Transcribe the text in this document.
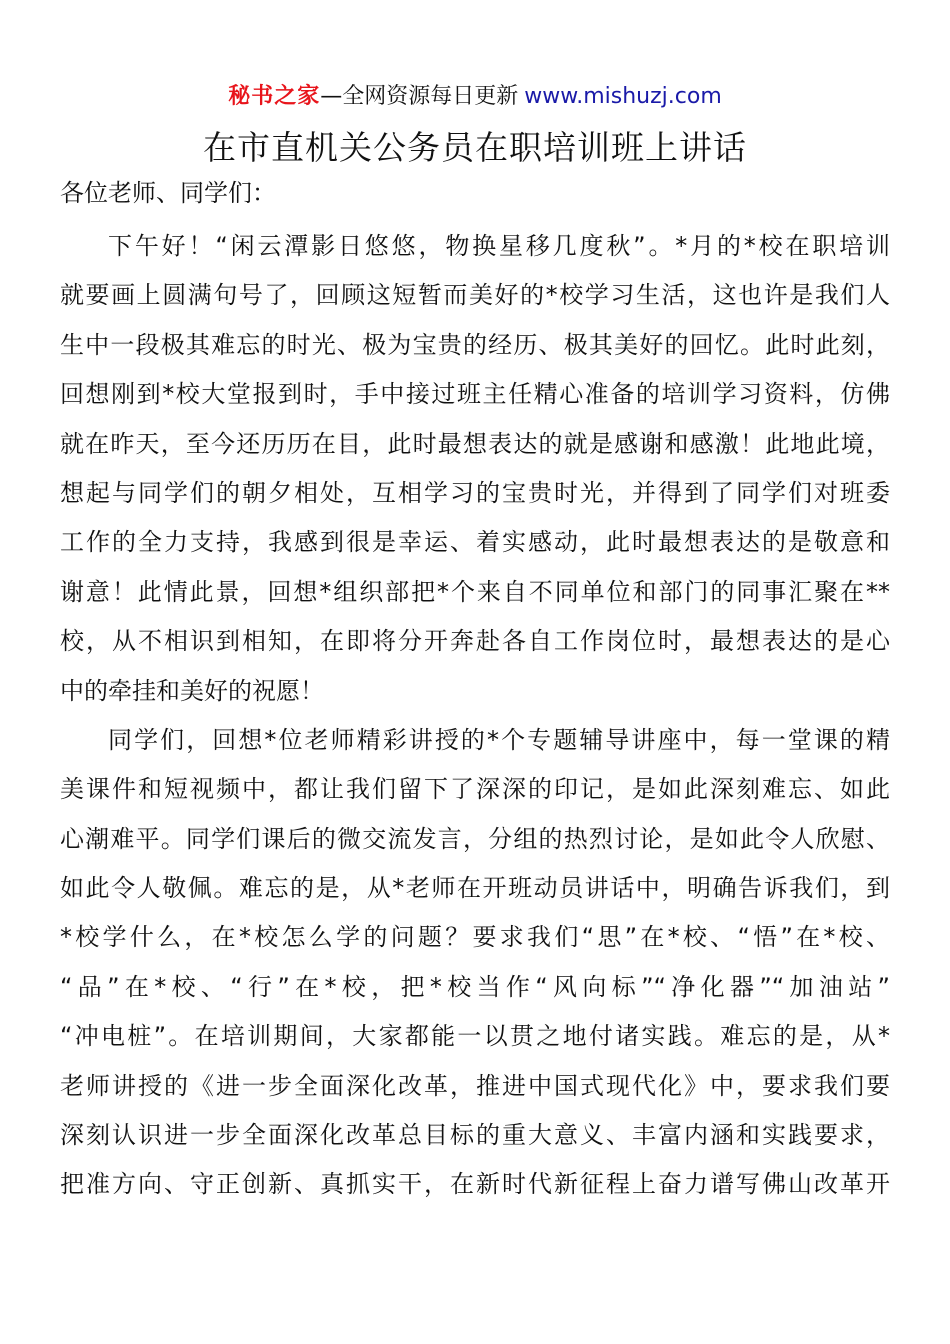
秘书之家—全网资源每日更新 www.mishuzj.com
在市直机关公务员在职培训班上讲话
各位老师、同学们：
下午好！“闲云潭影日悠悠，物换星移几度秋”。*月的*校在职培训
就要画上圆满句号了，回顾这短暂而美好的*校学习生活，这也许是我们人
生中一段极其难忘的时光、极为宝贵的经历、极其美好的回忆。此时此刻，
回想刚到*校大堂报到时，手中接过班主任精心准备的培训学习资料，仿佛
就在昨天，至今还历历在目，此时最想表达的就是感谢和感激！此地此境，
想起与同学们的朝夕相处，互相学习的宝贵时光，并得到了同学们对班委
工作的全力支持，我感到很是幸运、着实感动，此时最想表达的是敬意和
谢意！此情此景，回想*组织部把*个来自不同单位和部门的同事汇聚在**
校，从不相识到相知，在即将分开奔赴各自工作岗位时，最想表达的是心
中的牵挂和美好的祝愿！
同学们，回想*位老师精彩讲授的*个专题辅导讲座中，每一堂课的精
美课件和短视频中，都让我们留下了深深的印记，是如此深刻难忘、如此
心潮难平。同学们课后的微交流发言，分组的热烈讨论，是如此令人欣慰、
如此令人敬佩。难忘的是，从*老师在开班动员讲话中，明确告诉我们，到
*校学什么，在*校怎么学的问题？要求我们“思”在*校、“悟”在*校、
“品”在*校、“行”在*校，把*校当作“风向标”“净化器”“加油站”
“冲电桩”。在培训期间，大家都能一以贯之地付诸实践。难忘的是，从*
老师讲授的《进一步全面深化改革，推进中国式现代化》中，要求我们要
深刻认识进一步全面深化改革总目标的重大意义、丰富内涵和实践要求，
把准方向、守正创新、真抓实干，在新时代新征程上奋力谱写佛山改革开
